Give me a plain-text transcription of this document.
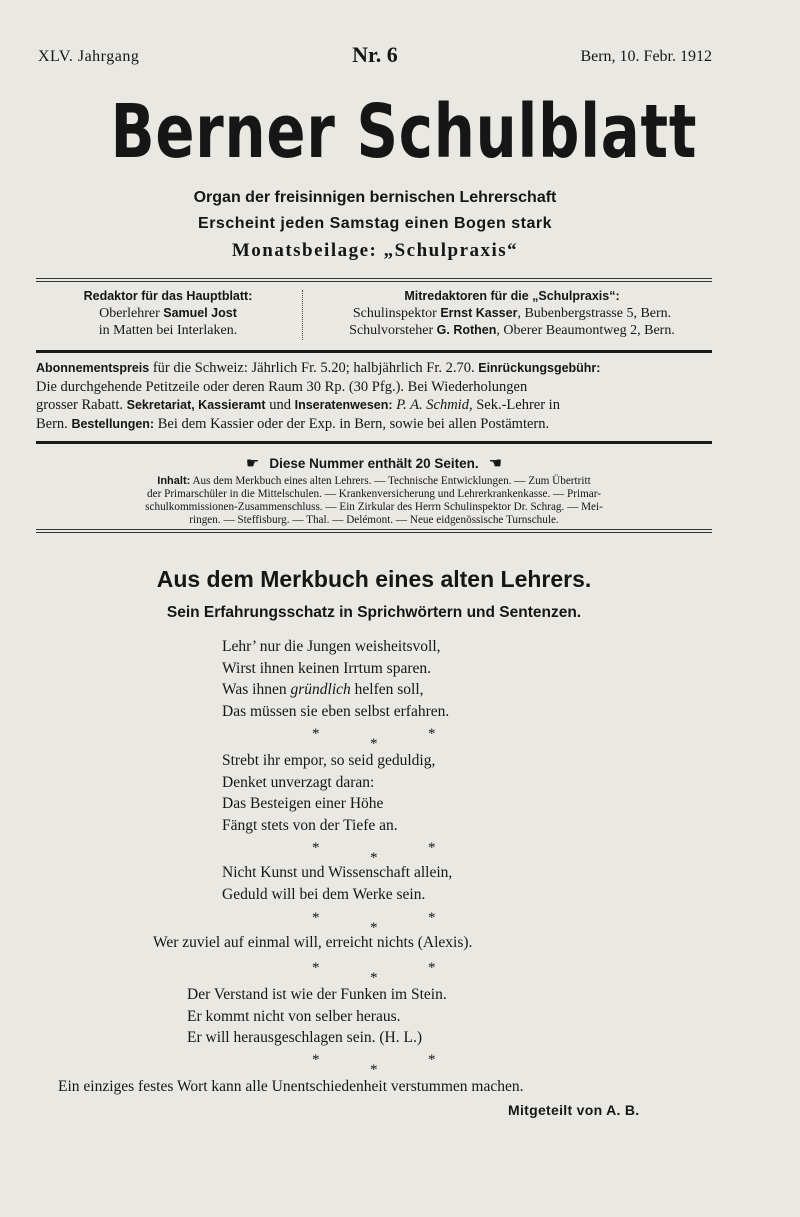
XLV. Jahrgang	Nr. 6	Bern, 10. Febr. 1912
Berner Schulblatt
Organ der freisinnigen bernischen Lehrerschaft
Erscheint jeden Samstag einen Bogen stark
Monatsbeilage: „Schulpraxis“
Redaktor für das Hauptblatt:
Oberlehrer Samuel Jost
in Matten bei Interlaken.
Mitredaktoren für die „Schulpraxis“:
Schulinspektor Ernst Kasser, Bubenbergstrasse 5, Bern.
Schulvorsteher G. Rothen, Oberer Beaumontweg 2, Bern.

Abonnementspreis für die Schweiz: Jährlich Fr. 5.20; halbjährlich Fr. 2.70. Einrückungsgebühr:

Die durchgehende Petitzeile oder deren Raum 30 Rp. (30 Pfg.). Bei Wiederholungen

grosser Rabatt. Sekretariat, Kassieramt und Inseratenwesen: P. A. Schmid, Sek.-Lehrer in

Bern. Bestellungen: Bei dem Kassier oder der Exp. in Bern, sowie bei allen Postämtern.

☛ Diese Nummer enthält 20 Seiten. ☚

Inhalt: Aus dem Merkbuch eines alten Lehrers. — Technische Entwicklungen. — Zum Übertritt

der Primarschüler in die Mittelschulen. — Krankenversicherung und Lehrerkrankenkasse. — Primar-

schulkommissionen-Zusammenschluss. — Ein Zirkular des Herrn Schulinspektor Dr. Schrag. — Mei-

ringen. — Steffisburg. — Thal. — Delémont. — Neue eidgenössische Turnschule.

Aus dem Merkbuch eines alten Lehrers.
Sein Erfahrungsschatz in Sprichwörtern und Sentenzen.

Lehr’ nur die Jungen weisheitsvoll,

Wirst ihnen keinen Irrtum sparen.

Was ihnen gründlich helfen soll,

Das müssen sie eben selbst erfahren.

*	*
*

Strebt ihr empor, so seid geduldig,

Denket unverzagt daran:

Das Besteigen einer Höhe

Fängt stets von der Tiefe an.

*	*
*

Nicht Kunst und Wissenschaft allein,

Geduld will bei dem Werke sein.

*	*
*

Wer zuviel auf einmal will, erreicht nichts (Alexis).

*	*
*

Der Verstand ist wie der Funken im Stein.

Er kommt nicht von selber heraus.

Er will herausgeschlagen sein. (H. L.)

*	*
*

Ein einziges festes Wort kann alle Unentschiedenheit verstummen machen.

Mitgeteilt von A. B.
